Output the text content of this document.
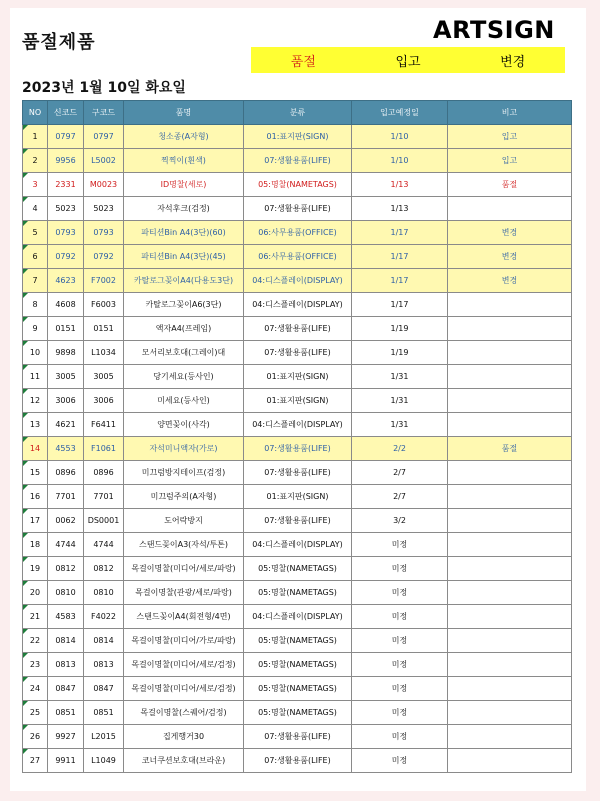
품절제품	ARTSIGN
품절	입고	변경
2023년 1월 10일 화요일
NO	신코드	구코드	품명	분류	입고예정일	비고
1	0797	0797	청소종(A자형)	01:표지판(SIGN)	1/10	입고
2	9956	L5002	찍찍이(흰색)	07:생활용품(LIFE)	1/10	입고
3	2331	M0023	ID명찰(세로)	05:명찰(NAMETAGS)	1/13	품절
4	5023	5023	자석후크(검정)	07:생활용품(LIFE)	1/13	
5	0793	0793	파티션Bin A4(3단)(60)	06:사무용품(OFFICE)	1/17	변경
6	0792	0792	파티션Bin A4(3단)(45)	06:사무용품(OFFICE)	1/17	변경
7	4623	F7002	카탈로그꽂이A4(다용도3단)	04:디스플레이(DISPLAY)	1/17	변경
8	4608	F6003	카탈로그꽂이A6(3단)	04:디스플레이(DISPLAY)	1/17	
9	0151	0151	액자A4(프레임)	07:생활용품(LIFE)	1/19	
10	9898	L1034	모서리보호대(그레이)대	07:생활용품(LIFE)	1/19	
11	3005	3005	당기세요(등사인)	01:표지판(SIGN)	1/31	
12	3006	3006	미세요(등사인)	01:표지판(SIGN)	1/31	
13	4621	F6411	양면꽂이(사각)	04:디스플레이(DISPLAY)	1/31	
14	4553	F1061	자석미니액자(가로)	07:생활용품(LIFE)	2/2	품절
15	0896	0896	미끄럼방지테이프(검정)	07:생활용품(LIFE)	2/7	
16	7701	7701	미끄럼주의(A자형)	01:표지판(SIGN)	2/7	
17	0062	DS0001	도어락방지	07:생활용품(LIFE)	3/2	
18	4744	4744	스탠드꽂이A3(자석/투톤)	04:디스플레이(DISPLAY)	미정	
19	0812	0812	목걸이명찰(미디어/세로/파랑)	05:명찰(NAMETAGS)	미정	
20	0810	0810	목걸이명찰(관광/세로/파랑)	05:명찰(NAMETAGS)	미정	
21	4583	F4022	스탠드꽂이A4(회전형/4면)	04:디스플레이(DISPLAY)	미정	
22	0814	0814	목걸이명찰(미디어/가로/파랑)	05:명찰(NAMETAGS)	미정	
23	0813	0813	목걸이명찰(미디어/세로/검정)	05:명찰(NAMETAGS)	미정	
24	0847	0847	목걸이명찰(미디어/세로/검정)	05:명찰(NAMETAGS)	미정	
25	0851	0851	목걸이명찰(스퀘어/검정)	05:명찰(NAMETAGS)	미정	
26	9927	L2015	집게행거30	07:생활용품(LIFE)	미정	
27	9911	L1049	코너쿠션보호대(브라운)	07:생활용품(LIFE)	미정	
